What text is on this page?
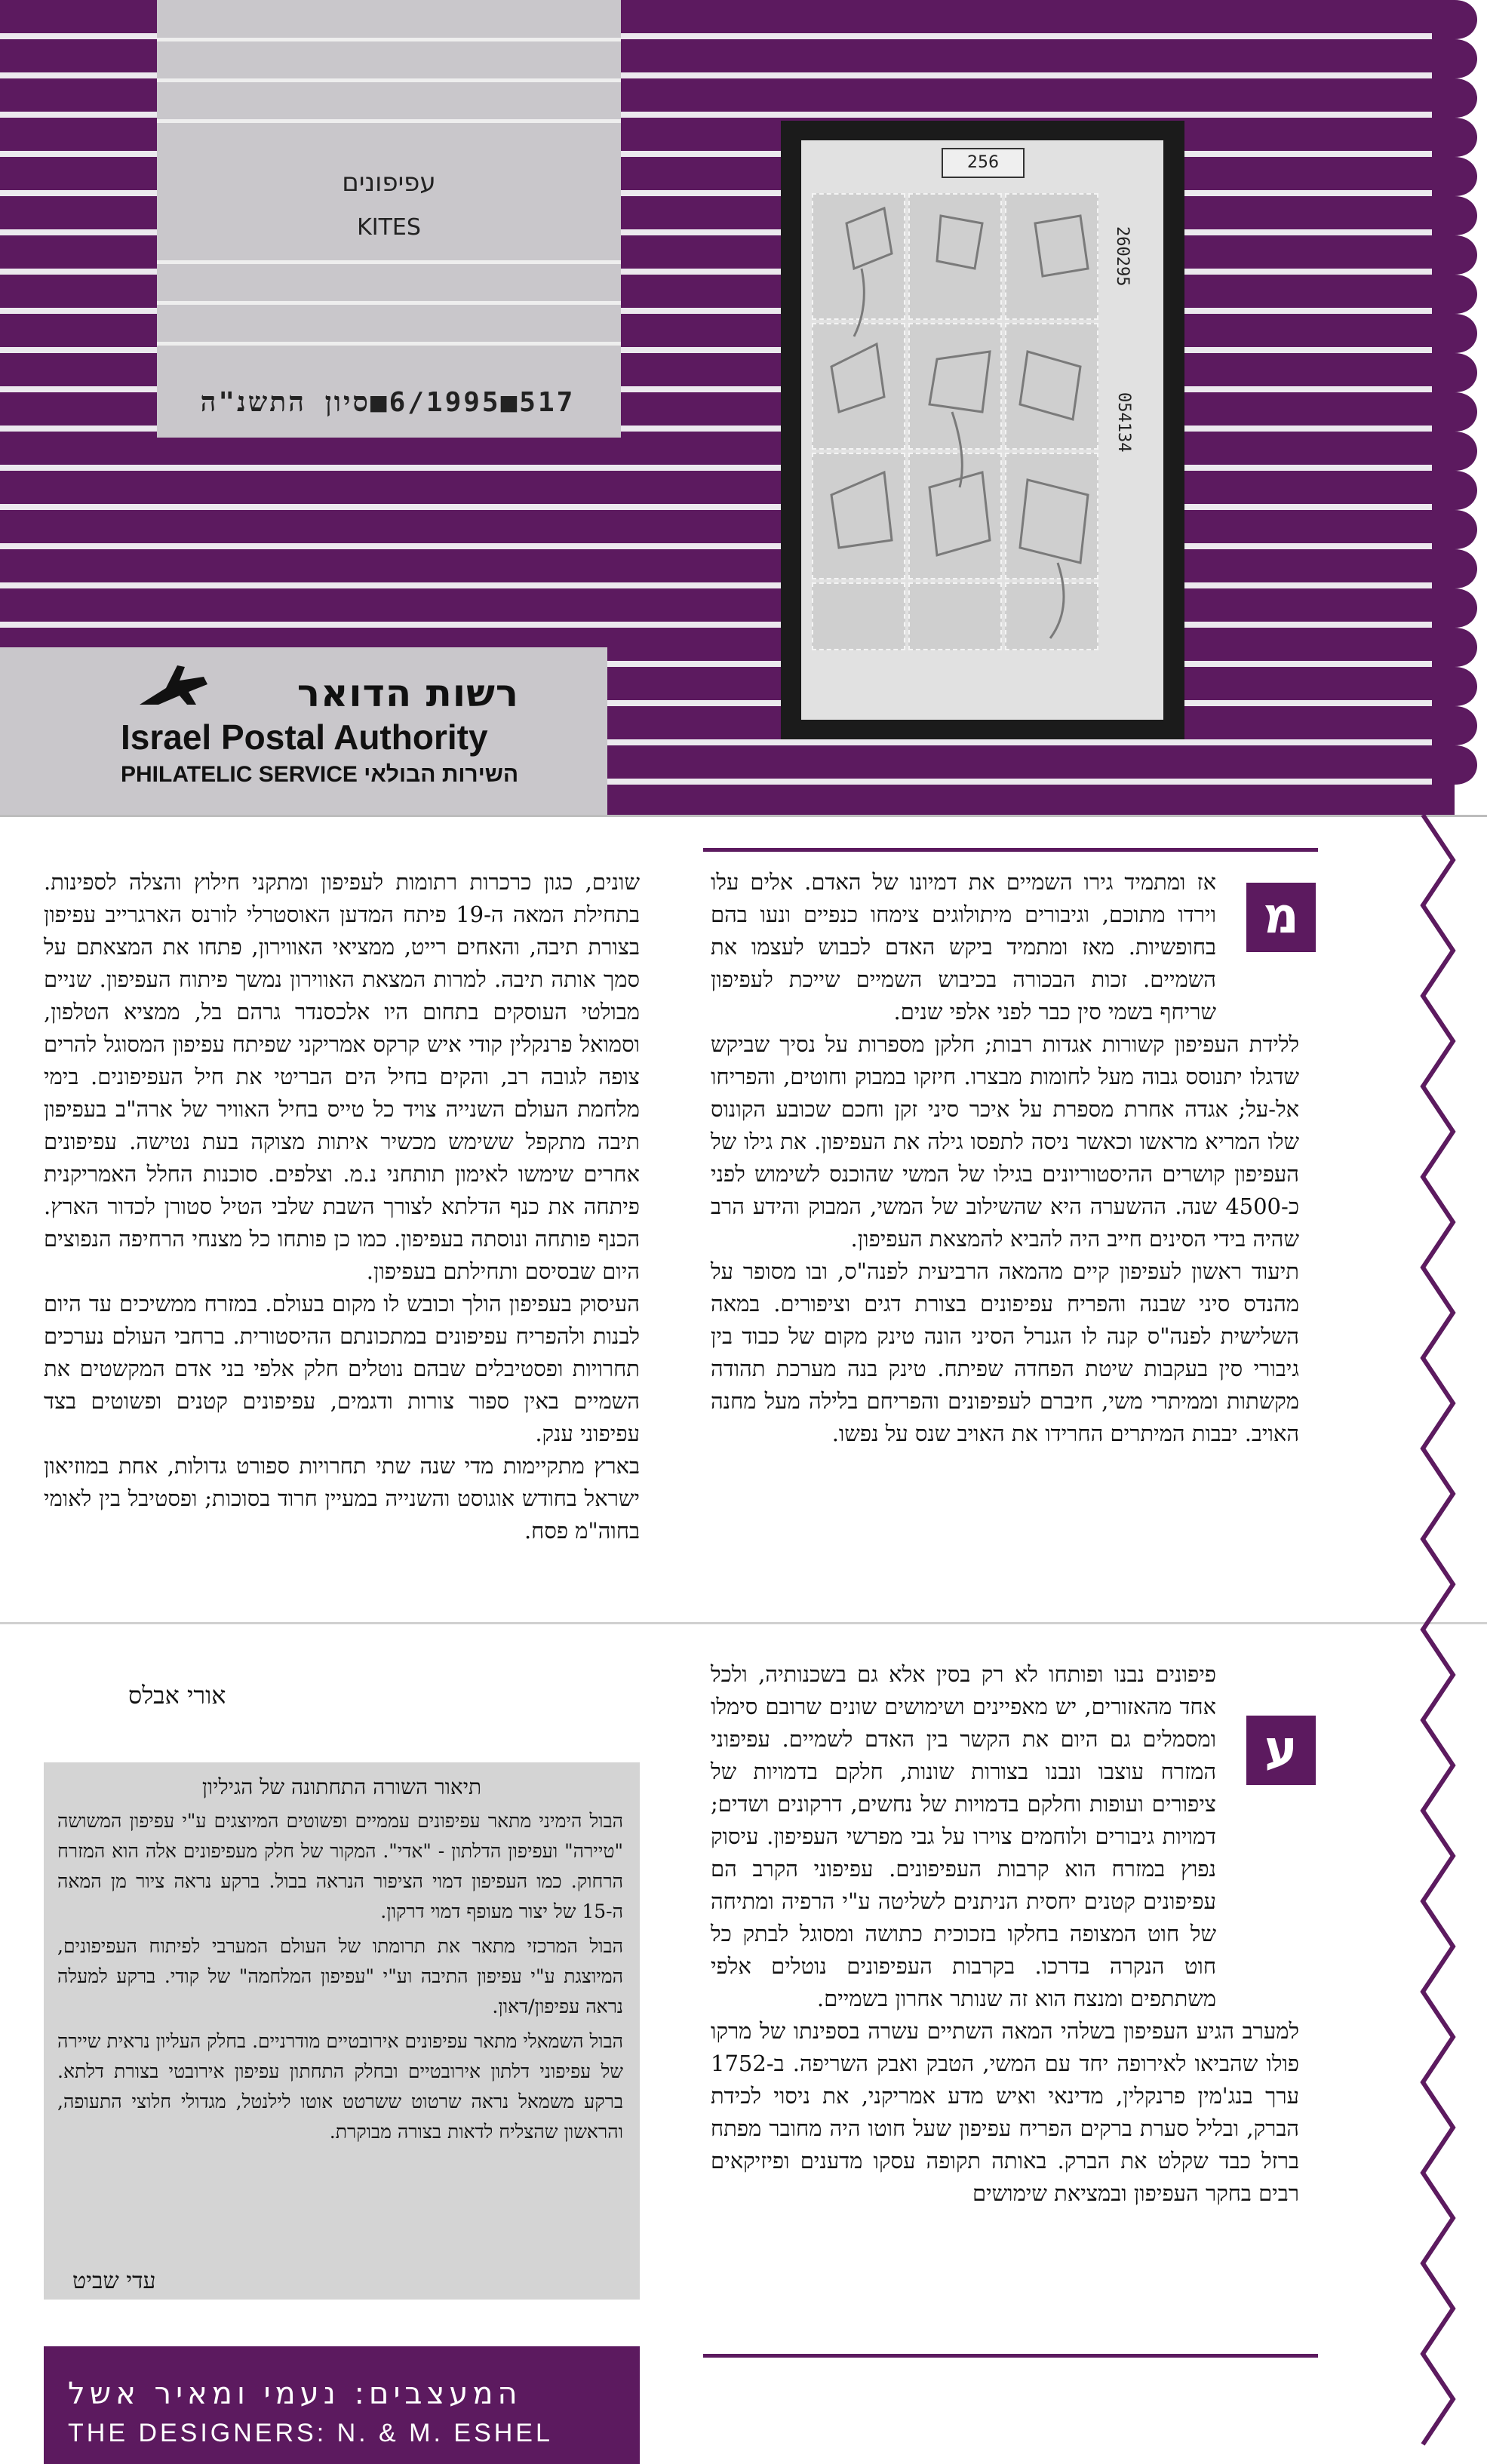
עפיפונים
KITES
517■6/1995■סיון התשנ"ה
256
260295
054134
רשות הדואר
Israel Postal Authority
PHILATELIC SERVICE השירות הבולאי
מ

אז ומתמיד גירו השמיים את דמיונו של האדם. אלים עלו וירדו מתוכם, וגיבורים מיתולוגים צימחו כנפיים ונעו בהם בחופשיות. מאז ומתמיד ביקש האדם לכבוש לעצמו את השמיים. זכות הבכורה בכיבוש השמיים שייכת לעפיפון שריחף בשמי סין כבר לפני אלפי שנים.

ללידת העפיפון קשורות אגדות רבות; חלקן מספרות על נסיך שביקש שדגלו יתנוסס גבוה מעל לחומות מבצרו. חיזקו במבוק וחוטים, והפריחו אל-על; אגדה אחרת מספרת על איכר סיני זקן וחכם שכובע הקונוס שלו המריא מראשו וכאשר ניסה לתפסו גילה את העפיפון. את גילו של העפיפון קושרים ההיסטוריונים בגילו של המשי שהוכנס לשימוש לפני כ-4500 שנה. ההשערה היא שהשילוב של המשי, המבוק והידע הרב שהיה בידי הסינים חייב היה להביא להמצאת העפיפון.

תיעוד ראשון לעפיפון קיים מהמאה הרביעית לפנה"ס, ובו מסופר על מהנדס סיני שבנה והפריח עפיפונים בצורת דגים וציפורים. במאה השלישית לפנה"ס קנה לו הגנרל הסיני הונה טינק מקום של כבוד בין גיבורי סין בעקבות שיטת הפחדה שפיתח. טינק בנה מערכת תהודה מקשתות וממיתרי משי, חיברם לעפיפונים והפריחם בלילה מעל מחנה האויב. יבבות המיתרים החרידו את האויב שנס על נפשו.

ע

פיפונים נבנו ופותחו לא רק בסין אלא גם בשכנותיה, ולכל אחד מהאזורים, יש מאפיינים ושימושים שונים שרובם סימלו ומסמלים גם היום את הקשר בין האדם לשמיים. עפיפוני המזרח עוצבו ונבנו בצורות שונות, חלקם בדמויות של ציפורים ועופות וחלקם בדמויות של נחשים, דרקונים ושדים; דמויות גיבורים ולוחמים צוירו על גבי מפרשי העפיפון. עיסוק נפוץ במזרח הוא קרבות העפיפונים. עפיפוני הקרב הם עפיפונים קטנים יחסית הניתנים לשליטה ע"י הרפיה ומתיחה של חוט המצופה בחלקו בזכוכית כתושה ומסוגל לבתק כל חוט הנקרה בדרכו. בקרבות העפיפונים נוטלים אלפי משתתפים ומנצח הוא זה שנותר אחרון בשמיים.

למערב הגיע העפיפון בשלהי המאה השתיים עשרה בספינתו של מרקו פולו שהביאו לאירופה יחד עם המשי, הטבק ואבק השריפה. ב-1752 ערך בנג'מין פרנקלין, מדינאי ואיש מדע אמריקני, את ניסוי לכידת הברק, ובליל סערת ברקים הפריח עפיפון שעל חוטו היה מחובר מפתח ברזל כבד שקלט את הברק. באותה תקופה עסקו מדענים ופיזיקאים רבים בחקר העפיפון ובמציאת שימושים

שונים, כגון כרכרות רתומות לעפיפון ומתקני חילוץ והצלה לספינות. בתחילת המאה ה-19 פיתח המדען האוסטרלי לורנס הארגרייב עפיפון בצורת תיבה, והאחים רייט, ממציאי האווירון, פתחו את המצאתם על סמך אותה תיבה. למרות המצאת האווירון נמשך פיתוח העפיפון. שניים מבולטי העוסקים בתחום היו אלכסנדר גרהם בל, ממציא הטלפון, וסמואל פרנקלין קודי איש קרקס אמריקני שפיתח עפיפון המסוגל להרים צופה לגובה רב, והקים בחיל הים הבריטי את חיל העפיפונים. בימי מלחמת העולם השנייה צויד כל טייס בחיל האוויר של ארה"ב בעפיפון תיבה מתקפל ששימש מכשיר איתות מצוקה בעת נטישה. עפיפונים אחרים שימשו לאימון תותחני נ.מ. וצלפים. סוכנות החלל האמריקנית פיתחה את כנף הדלתא לצורך השבת שלבי הטיל סטורן לכדור הארץ. הכנף פותחה ונוסתה בעפיפון. כמו כן פותחו כל מצנחי הרחיפה הנפוצים היום שבסיסם ותחילתם בעפיפון.

העיסוק בעפיפון הולך וכובש לו מקום בעולם. במזרח ממשיכים עד היום לבנות ולהפריח עפיפונים במתכונתם ההיסטורית. ברחבי העולם נערכים תחרויות ופסטיבלים שבהם נוטלים חלק אלפי בני אדם המקשטים את השמיים באין ספור צורות ודגמים, עפיפונים קטנים ופשוטים בצד עפיפוני ענק.

בארץ מתקיימות מדי שנה שתי תחרויות ספורט גדולות, אחת במוזיאון ישראל בחודש אוגוסט והשנייה במעיין חרוד בסוכות; ופסטיבל בין לאומי בחוה"מ פסח.

אורי אבלס
תיאור השורה התחתונה של הגיליון

הבול הימיני מתאר עפיפונים עממיים ופשוטים המיוצגים ע"י עפיפון המשושה "טיירה" ועפיפון הדלתון - "אדי". המקור של חלק מעפיפונים אלה הוא המזרח הרחוק. כמו העפיפון דמוי הציפור הנראה בבול. ברקע נראה ציור מן המאה ה-15 של יצור מעופף דמוי דרקון.

הבול המרכזי מתאר את תרומתו של העולם המערבי לפיתוח העפיפונים, המיוצגת ע"י עפיפון התיבה וע"י "עפיפון המלחמה" של קודי. ברקע למעלה נראה עפיפון/דאון.

הבול השמאלי מתאר עפיפונים אירובטיים מודרניים. בחלק העליון נראית שיירה של עפיפוני דלתון אירובטיים ובחלק התחתון עפיפון אירובטי בצורת דלתא. ברקע משמאל נראה שרטוט ששרטט אוטו לילנטל, מגדולי חלוצי התעופה, והראשון שהצליח לדאות בצורה מבוקרת.

עדי שביט
המעצבים: נעמי ומאיר אשל
THE DESIGNERS: N. & M. ESHEL
